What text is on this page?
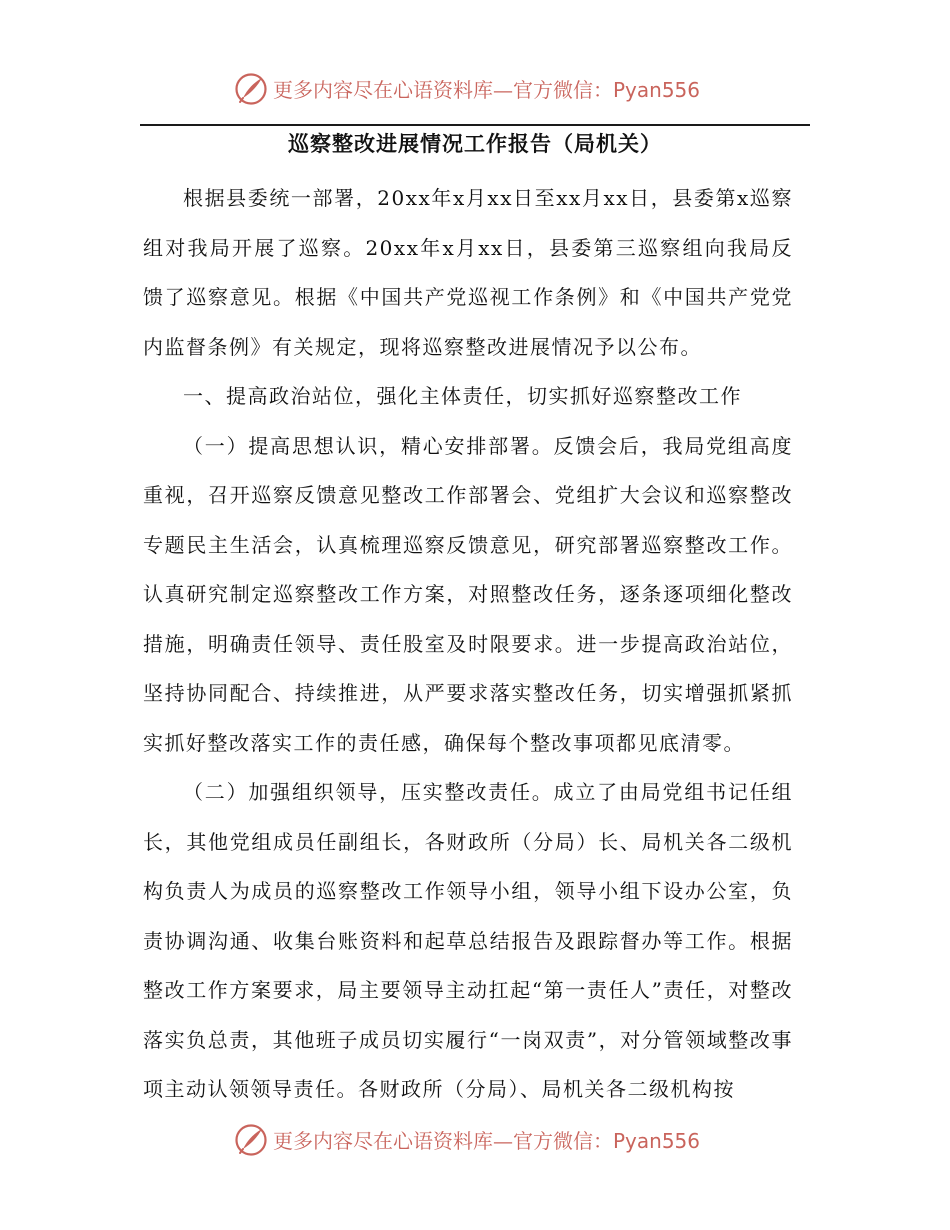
更多内容尽在心语资料库—官方微信：Pyan556
巡察整改进展情况工作报告（局机关）

根据县委统一部署，20xx年x月xx日至xx月xx日，县委第x巡察组对我局开展了巡察。20xx年x月xx日，县委第三巡察组向我局反馈了巡察意见。根据《中国共产党巡视工作条例》和《中国共产党党内监督条例》有关规定，现将巡察整改进展情况予以公布。

一、提高政治站位，强化主体责任，切实抓好巡察整改工作

（一）提高思想认识，精心安排部署。反馈会后，我局党组高度重视，召开巡察反馈意见整改工作部署会、党组扩大会议和巡察整改专题民主生活会，认真梳理巡察反馈意见，研究部署巡察整改工作。认真研究制定巡察整改工作方案，对照整改任务，逐条逐项细化整改措施，明确责任领导、责任股室及时限要求。进一步提高政治站位，坚持协同配合、持续推进，从严要求落实整改任务，切实增强抓紧抓实抓好整改落实工作的责任感，确保每个整改事项都见底清零。

（二）加强组织领导，压实整改责任。成立了由局党组书记任组长，其他党组成员任副组长，各财政所（分局）长、局机关各二级机构负责人为成员的巡察整改工作领导小组，领导小组下设办公室，负责协调沟通、收集台账资料和起草总结报告及跟踪督办等工作。根据整改工作方案要求，局主要领导主动扛起“第一责任人”责任，对整改落实负总责，其他班子成员切实履行“一岗双责”，对分管领域整改事项主动认领领导责任。各财政所（分局）、局机关各二级机构按

更多内容尽在心语资料库—官方微信：Pyan556
